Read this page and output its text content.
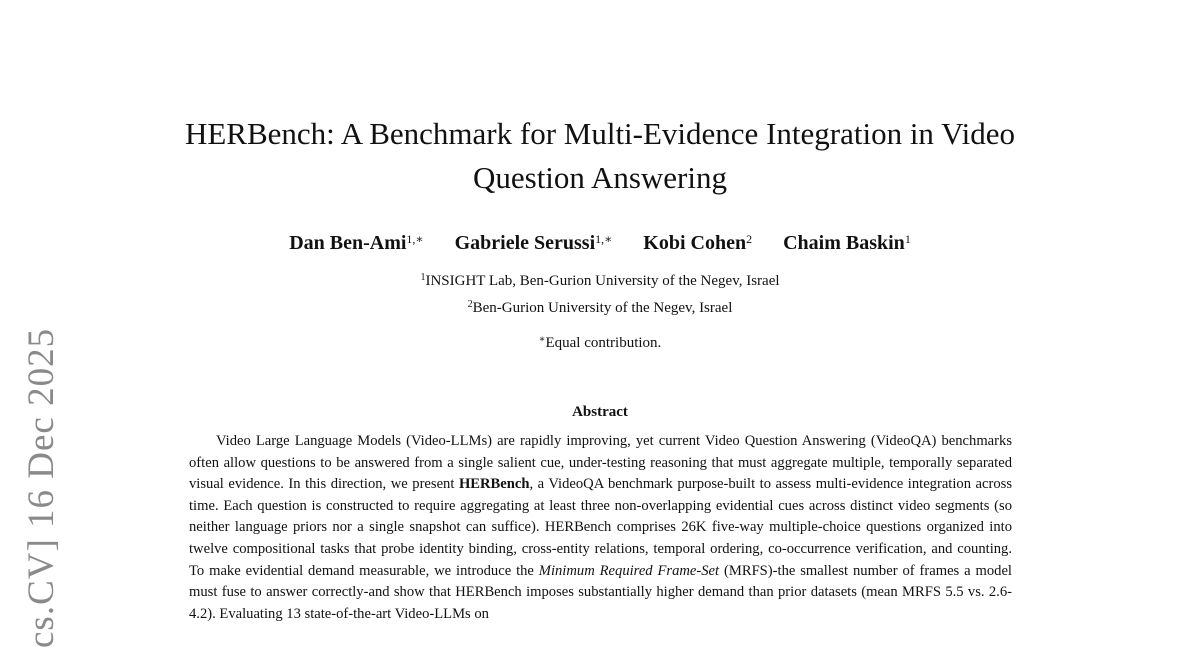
cs.CV] 16 Dec 2025
HERBench: A Benchmark for Multi-Evidence Integration in Video
Question Answering
Dan Ben-Ami$^{1,∗}$ Gabriele Serussi$^{1,∗}$ Kobi Cohen$^2$ Chaim Baskin$^1$
$^1$INSIGHT Lab, Ben-Gurion University of the Negev, Israel
$^2$Ben-Gurion University of the Negev, Israel
∗Equal contribution.
Abstract

Video Large Language Models (Video-LLMs) are rapidly improving, yet current Video Question Answering (VideoQA) benchmarks often allow questions to be answered from a single salient cue, under-testing reasoning that must aggregate multiple, temporally separated visual evidence. In this direction, we present HERBench, a VideoQA benchmark purpose-built to assess multi-evidence integration across time. Each question is constructed to require aggregating at least three non-overlapping evidential cues across distinct video segments (so neither language priors nor a single snapshot can suffice). HERBench comprises 26K five-way multiple-choice questions organized into twelve compositional tasks that probe identity binding, cross-entity relations, temporal ordering, co-occurrence verification, and counting. To make evidential demand measurable, we introduce the Minimum Required Frame-Set (MRFS)-the smallest number of frames a model must fuse to answer correctly-and show that HERBench imposes substantially higher demand than prior datasets (mean MRFS 5.5 vs. 2.6-4.2). Evaluating 13 state-of-the-art Video-LLMs on
